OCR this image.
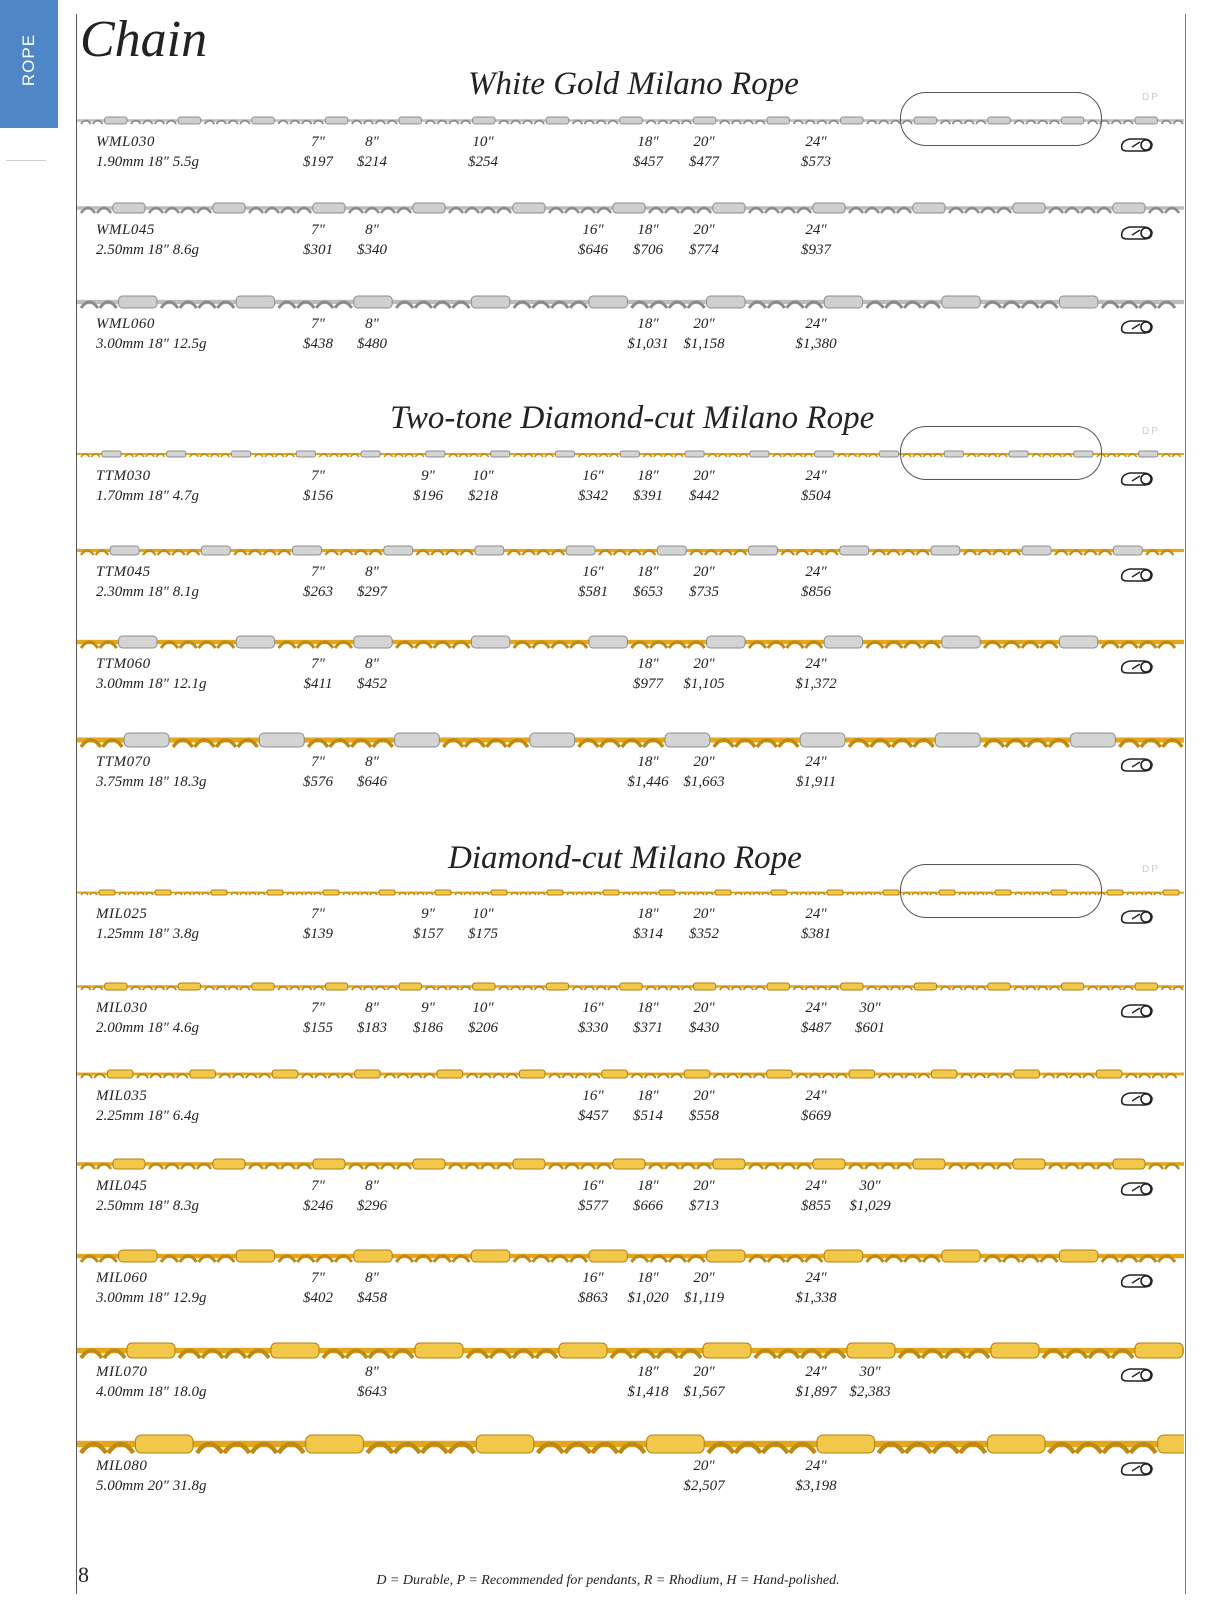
ROPE Chain
White Gold Milano Rope	DP
WML030
1.90mm 18" 5.5g
7"
$197
8"
$214
10"
$254
18"
$457
20"
$477
24"
$573
WML045
2.50mm 18" 8.6g
7"
$301
8"
$340
16"
$646
18"
$706
20"
$774
24"
$937
WML060
3.00mm 18" 12.5g
7"
$438
8"
$480
18"
$1,031
20"
$1,158
24"
$1,380
Two-tone Diamond-cut Milano Rope	DP
TTM030
1.70mm 18" 4.7g
7"
$156
9"
$196
10"
$218
16"
$342
18"
$391
20"
$442
24"
$504
TTM045
2.30mm 18" 8.1g
7"
$263
8"
$297
16"
$581
18"
$653
20"
$735
24"
$856
TTM060
3.00mm 18" 12.1g
7"
$411
8"
$452
18"
$977
20"
$1,105
24"
$1,372
TTM070
3.75mm 18" 18.3g
7"
$576
8"
$646
18"
$1,446
20"
$1,663
24"
$1,911
Diamond-cut Milano Rope	DP
MIL025
1.25mm 18" 3.8g
7"
$139
9"
$157
10"
$175
18"
$314
20"
$352
24"
$381
MIL030
2.00mm 18" 4.6g
7"
$155
8"
$183
9"
$186
10"
$206
16"
$330
18"
$371
20"
$430
24"
$487
30"
$601
MIL035
2.25mm 18" 6.4g
16"
$457
18"
$514
20"
$558
24"
$669
MIL045
2.50mm 18" 8.3g
7"
$246
8"
$296
16"
$577
18"
$666
20"
$713
24"
$855
30"
$1,029
MIL060
3.00mm 18" 12.9g
7"
$402
8"
$458
16"
$863
18"
$1,020
20"
$1,119
24"
$1,338
MIL070
4.00mm 18" 18.0g
8"
$643
18"
$1,418
20"
$1,567
24"
$1,897
30"
$2,383
MIL080
5.00mm 20" 31.8g
20"
$2,507
24"
$3,198
8	D = Durable, P = Recommended for pendants, R = Rhodium, H = Hand-polished.
